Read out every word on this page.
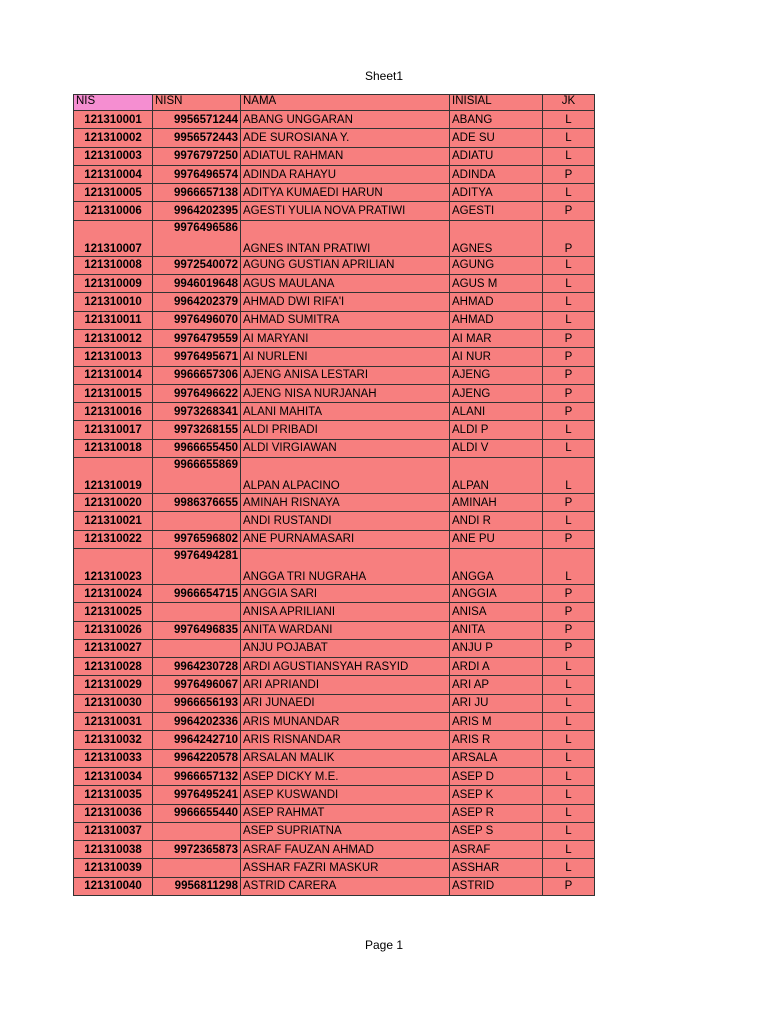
Sheet1
NIS	NISN	NAMA	INISIAL	JK
121310001	9956571244	ABANG UNGGARAN	ABANG	L
121310002	9956572443	ADE SUROSIANA Y.	ADE SU	L
121310003	9976797250	ADIATUL RAHMAN	ADIATU	L
121310004	9976496574	ADINDA RAHAYU	ADINDA	P
121310005	9966657138	ADITYA KUMAEDI HARUN	ADITYA	L
121310006	9964202395	AGESTI YULIA NOVA PRATIWI	AGESTI	P
121310007	9976496586	AGNES INTAN PRATIWI	AGNES	P
121310008	9972540072	AGUNG GUSTIAN APRILIAN	AGUNG	L
121310009	9946019648	AGUS MAULANA	AGUS M	L
121310010	9964202379	AHMAD DWI RIFA'I	AHMAD	L
121310011	9976496070	AHMAD SUMITRA	AHMAD	L
121310012	9976479559	AI MARYANI	AI MAR	P
121310013	9976495671	AI NURLENI	AI NUR	P
121310014	9966657306	AJENG ANISA LESTARI	AJENG	P
121310015	9976496622	AJENG NISA NURJANAH	AJENG	P
121310016	9973268341	ALANI MAHITA	ALANI	P
121310017	9973268155	ALDI PRIBADI	ALDI P	L
121310018	9966655450	ALDI VIRGIAWAN	ALDI V	L
121310019	9966655869	ALPAN ALPACINO	ALPAN	L
121310020	9986376655	AMINAH RISNAYA	AMINAH	P
121310021		ANDI RUSTANDI	ANDI R	L
121310022	9976596802	ANE PURNAMASARI	ANE PU	P
121310023	9976494281	ANGGA TRI NUGRAHA	ANGGA	L
121310024	9966654715	ANGGIA SARI	ANGGIA	P
121310025		ANISA APRILIANI	ANISA	P
121310026	9976496835	ANITA WARDANI	ANITA	P
121310027		ANJU POJABAT	ANJU P	P
121310028	9964230728	ARDI AGUSTIANSYAH RASYID	ARDI A	L
121310029	9976496067	ARI APRIANDI	ARI AP	L
121310030	9966656193	ARI JUNAEDI	ARI JU	L
121310031	9964202336	ARIS MUNANDAR	ARIS M	L
121310032	9964242710	ARIS RISNANDAR	ARIS R	L
121310033	9964220578	ARSALAN MALIK	ARSALA	L
121310034	9966657132	ASEP DICKY M.E.	ASEP D	L
121310035	9976495241	ASEP KUSWANDI	ASEP K	L
121310036	9966655440	ASEP RAHMAT	ASEP R	L
121310037		ASEP SUPRIATNA	ASEP S	L
121310038	9972365873	ASRAF FAUZAN AHMAD	ASRAF	L
121310039		ASSHAR FAZRI MASKUR	ASSHAR	L
121310040	9956811298	ASTRID CARERA	ASTRID	P
Page 1
